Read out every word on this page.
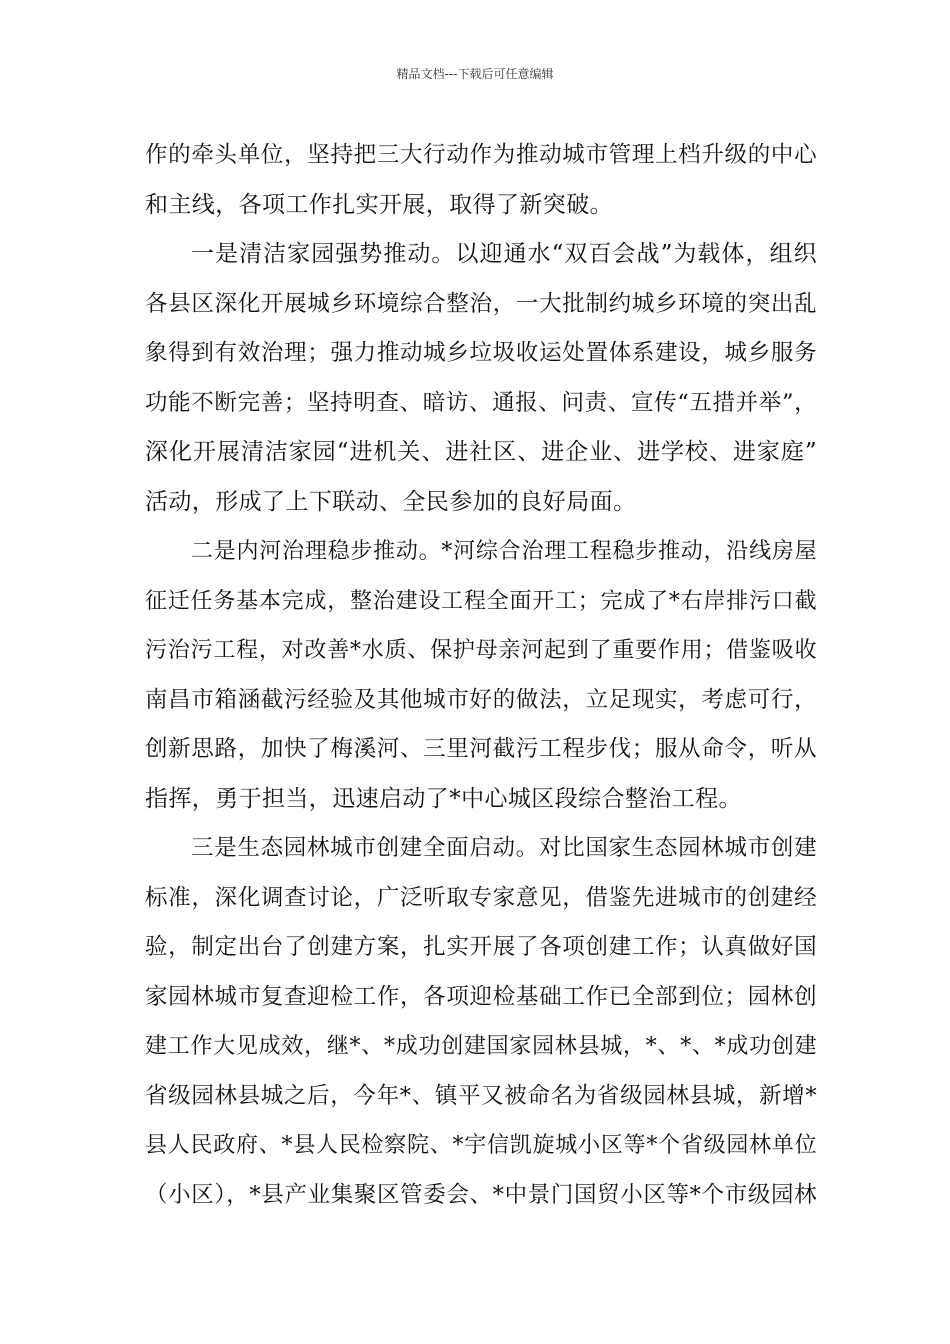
精品文档---下载后可任意编辑
作的牵头单位，坚持把三大行动作为推动城市管理上档升级的中心
和主线，各项工作扎实开展，取得了新突破。
一是清洁家园强势推动。以迎通水“双百会战”为载体，组织
各县区深化开展城乡环境综合整治，一大批制约城乡环境的突出乱
象得到有效治理；强力推动城乡垃圾收运处置体系建设，城乡服务
功能不断完善；坚持明查、暗访、通报、问责、宣传“五措并举”，
深化开展清洁家园“进机关、进社区、进企业、进学校、进家庭”
活动，形成了上下联动、全民参加的良好局面。
二是内河治理稳步推动。*河综合治理工程稳步推动，沿线房屋
征迁任务基本完成，整治建设工程全面开工；完成了*右岸排污口截
污治污工程，对改善*水质、保护母亲河起到了重要作用；借鉴吸收
南昌市箱涵截污经验及其他城市好的做法，立足现实，考虑可行，
创新思路，加快了梅溪河、三里河截污工程步伐；服从命令，听从
指挥，勇于担当，迅速启动了*中心城区段综合整治工程。
三是生态园林城市创建全面启动。对比国家生态园林城市创建
标准，深化调查讨论，广泛听取专家意见，借鉴先进城市的创建经
验，制定出台了创建方案，扎实开展了各项创建工作；认真做好国
家园林城市复查迎检工作，各项迎检基础工作已全部到位；园林创
建工作大见成效，继*、*成功创建国家园林县城，*、*、*成功创建
省级园林县城之后，今年*、镇平又被命名为省级园林县城，新增*
县人民政府、*县人民检察院、*宇信凯旋城小区等*个省级园林单位
（小区），*县产业集聚区管委会、*中景门国贸小区等*个市级园林
